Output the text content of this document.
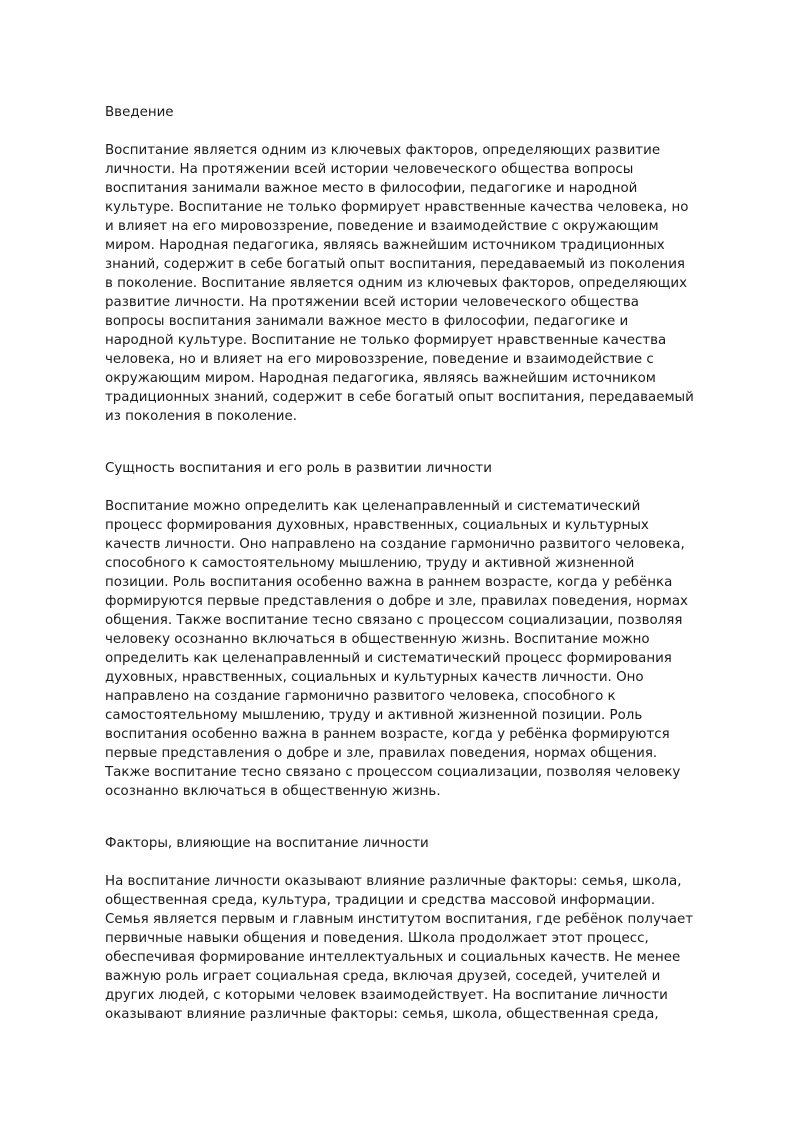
Введение

Воспитание является одним из ключевых факторов, определяющих развитие
личности. На протяжении всей истории человеческого общества вопросы
воспитания занимали важное место в философии, педагогике и народной
культуре. Воспитание не только формирует нравственные качества человека, но
и влияет на его мировоззрение, поведение и взаимодействие с окружающим
миром. Народная педагогика, являясь важнейшим источником традиционных
знаний, содержит в себе богатый опыт воспитания, передаваемый из поколения
в поколение. Воспитание является одним из ключевых факторов, определяющих
развитие личности. На протяжении всей истории человеческого общества
вопросы воспитания занимали важное место в философии, педагогике и
народной культуре. Воспитание не только формирует нравственные качества
человека, но и влияет на его мировоззрение, поведение и взаимодействие с
окружающим миром. Народная педагогика, являясь важнейшим источником
традиционных знаний, содержит в себе богатый опыт воспитания, передаваемый
из поколения в поколение.

Сущность воспитания и его роль в развитии личности

Воспитание можно определить как целенаправленный и систематический
процесс формирования духовных, нравственных, социальных и культурных
качеств личности. Оно направлено на создание гармонично развитого человека,
способного к самостоятельному мышлению, труду и активной жизненной
позиции. Роль воспитания особенно важна в раннем возрасте, когда у ребёнка
формируются первые представления о добре и зле, правилах поведения, нормах
общения. Также воспитание тесно связано с процессом социализации, позволяя
человеку осознанно включаться в общественную жизнь. Воспитание можно
определить как целенаправленный и систематический процесс формирования
духовных, нравственных, социальных и культурных качеств личности. Оно
направлено на создание гармонично развитого человека, способного к
самостоятельному мышлению, труду и активной жизненной позиции. Роль
воспитания особенно важна в раннем возрасте, когда у ребёнка формируются
первые представления о добре и зле, правилах поведения, нормах общения.
Также воспитание тесно связано с процессом социализации, позволяя человеку
осознанно включаться в общественную жизнь.

Факторы, влияющие на воспитание личности

На воспитание личности оказывают влияние различные факторы: семья, школа,
общественная среда, культура, традиции и средства массовой информации.
Семья является первым и главным институтом воспитания, где ребёнок получает
первичные навыки общения и поведения. Школа продолжает этот процесс,
обеспечивая формирование интеллектуальных и социальных качеств. Не менее
важную роль играет социальная среда, включая друзей, соседей, учителей и
других людей, с которыми человек взаимодействует. На воспитание личности
оказывают влияние различные факторы: семья, школа, общественная среда,
